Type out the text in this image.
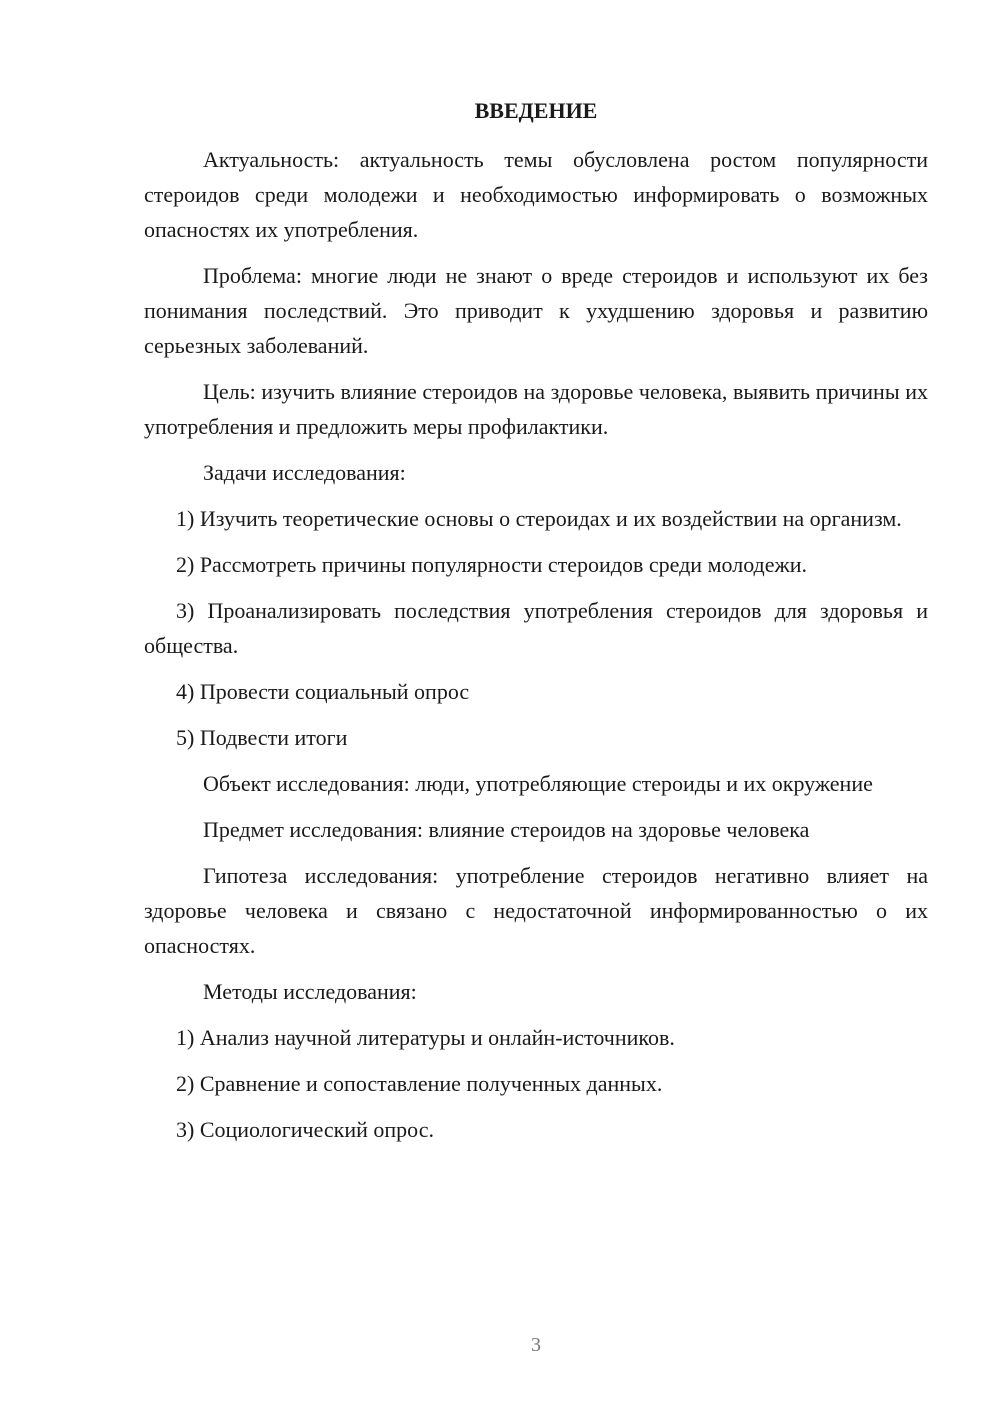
ВВЕДЕНИЕ

Актуальность: актуальность темы обусловлена ростом популярности стероидов среди молодежи и необходимостью информировать о возможных опасностях их употребления.

Проблема: многие люди не знают о вреде стероидов и используют их без понимания последствий. Это приводит к ухудшению здоровья и развитию серьезных заболеваний.

Цель: изучить влияние стероидов на здоровье человека, выявить причины их употребления и предложить меры профилактики.

Задачи исследования:

1) Изучить теоретические основы о стероидах и их воздействии на организм.

2) Рассмотреть причины популярности стероидов среди молодежи.

3) Проанализировать последствия употребления стероидов для здоровья и общества.

4) Провести социальный опрос

5) Подвести итоги

Объект исследования: люди, употребляющие стероиды и их окружение

Предмет исследования: влияние стероидов на здоровье человека

Гипотеза исследования: употребление стероидов негативно влияет на здоровье человека и связано с недостаточной информированностью о их опасностях.

Методы исследования:

1) Анализ научной литературы и онлайн-источников.

2) Сравнение и сопоставление полученных данных.

3) Социологический опрос.

3
